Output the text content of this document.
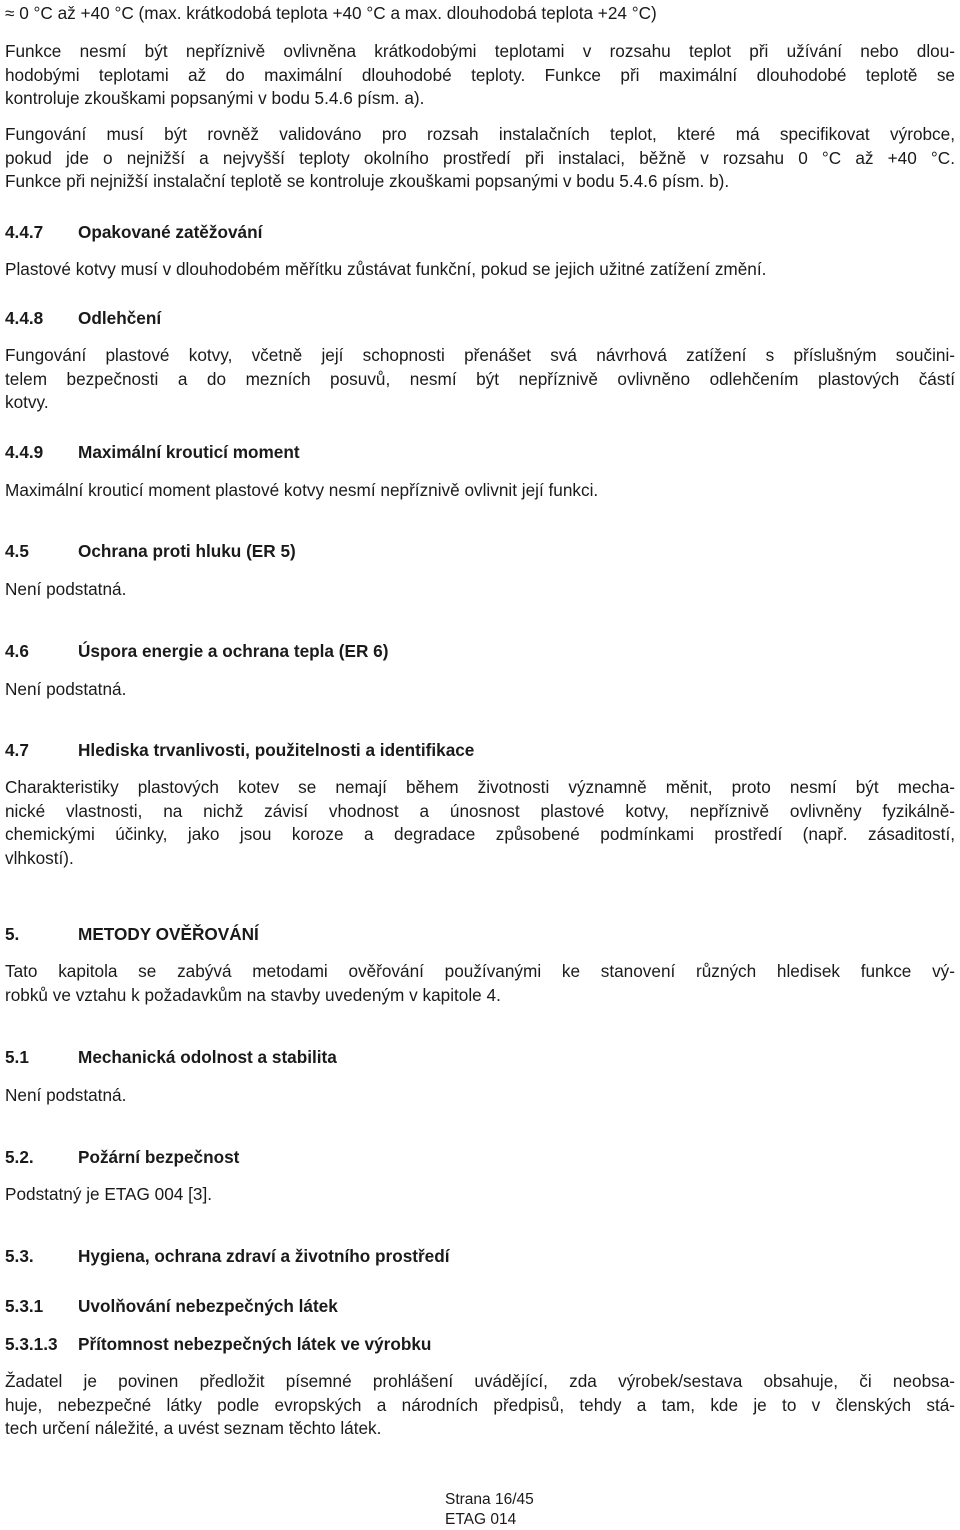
≈ 0 °C až +40 °C (max. krátkodobá teplota +40 °C a max. dlouhodobá teplota +24 °C)

Funkce nesmí být nepříznivě ovlivněna krátkodobými teplotami v rozsahu teplot při užívání nebo dlou-
hodobými teplotami až do maximální dlouhodobé teploty. Funkce při maximální dlouhodobé teplotě se
kontroluje zkouškami popsanými v bodu 5.4.6 písm. a).

Fungování musí být rovněž validováno pro rozsah instalačních teplot, které má specifikovat výrobce,
pokud jde o nejnižší a nejvyšší teploty okolního prostředí při instalaci, běžně v rozsahu 0 °C až +40 °C.
Funkce při nejnižší instalační teplotě se kontroluje zkouškami popsanými v bodu 5.4.6 písm. b).

4.4.7 Opakované zatěžování

Plastové kotvy musí v dlouhodobém měřítku zůstávat funkční, pokud se jejich užitné zatížení změní.

4.4.8 Odlehčení

Fungování plastové kotvy, včetně její schopnosti přenášet svá návrhová zatížení s příslušným součini-
telem bezpečnosti a do mezních posuvů, nesmí být nepříznivě ovlivněno odlehčením plastových částí
kotvy.

4.4.9 Maximální krouticí moment

Maximální krouticí moment plastové kotvy nesmí nepříznivě ovlivnit její funkci.

4.5	Ochrana proti hluku (ER 5)

Není podstatná.

4.6	Úspora energie a ochrana tepla (ER 6)

Není podstatná.

4.7	Hlediska trvanlivosti, použitelnosti a identifikace

Charakteristiky plastových kotev se nemají během životnosti významně měnit, proto nesmí být mecha-
nické vlastnosti, na nichž závisí vhodnost a únosnost plastové kotvy, nepříznivě ovlivněny fyzikálně-
chemickými účinky, jako jsou koroze a degradace způsobené podmínkami prostředí (např. zásaditostí,
vlhkostí).

5.	METODY OVĚŘOVÁNÍ

Tato kapitola se zabývá metodami ověřování používanými ke stanovení různých hledisek funkce vý-
robků ve vztahu k požadavkům na stavby uvedeným v kapitole 4.

5.1	Mechanická odolnost a stabilita

Není podstatná.

5.2.	Požární bezpečnost

Podstatný je ETAG 004 [3].

5.3.	Hygiena, ochrana zdraví a životního prostředí
5.3.1 Uvolňování nebezpečných látek
5.3.1.3 Přítomnost nebezpečných látek ve výrobku

Žadatel je povinen předložit písemné prohlášení uvádějící, zda výrobek/sestava obsahuje, či neobsa-
huje, nebezpečné látky podle evropských a národních předpisů, tehdy a tam, kde je to v členských stá-
tech určení náležité, a uvést seznam těchto látek.

Strana 16/45
ETAG 014
